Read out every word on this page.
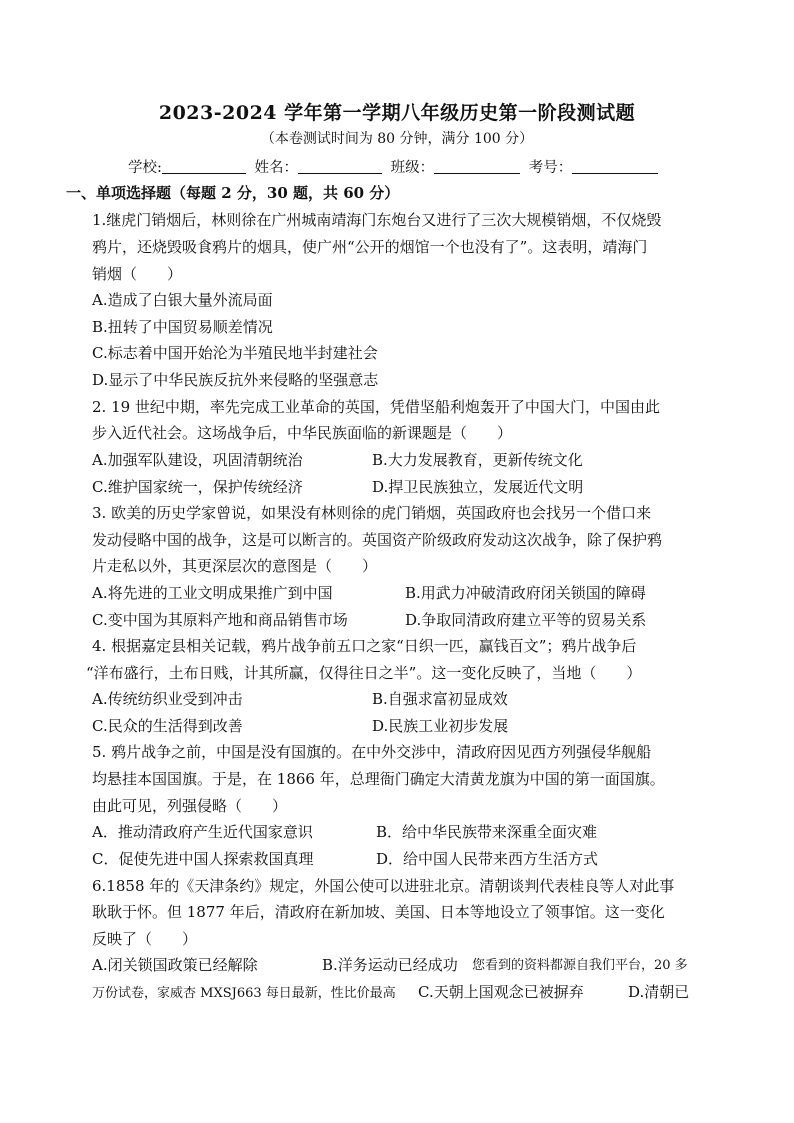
2023-2024 学年第一学期八年级历史第一阶段测试题
（本卷测试时间为 80 分钟，满分 100 分）
学校:	姓名：	班级：	考号：
一、单项选择题（每题 2 分，30 题，共 60 分）
1.继虎门销烟后，林则徐在广州城南靖海门东炮台又进行了三次大规模销烟，不仅烧毁
鸦片，还烧毁吸食鸦片的烟具，使广州“公开的烟馆一个也没有了”。这表明，靖海门
销烟（　　）
A.造成了白银大量外流局面
B.扭转了中国贸易顺差情况
C.标志着中国开始沦为半殖民地半封建社会
D.显示了中华民族反抗外来侵略的坚强意志
2. 19 世纪中期，率先完成工业革命的英国，凭借坚船利炮轰开了中国大门，中国由此
步入近代社会。这场战争后，中华民族面临的新课题是（　　）
A.加强军队建设，巩固清朝统治	B.大力发展教育，更新传统文化
C.维护国家统一，保护传统经济	D.捍卫民族独立，发展近代文明
3. 欧美的历史学家曾说，如果没有林则徐的虎门销烟，英国政府也会找另一个借口来
发动侵略中国的战争，这是可以断言的。英国资产阶级政府发动这次战争，除了保护鸦
片走私以外，其更深层次的意图是（　　）
A.将先进的工业文明成果推广到中国	B.用武力冲破清政府闭关锁国的障碍
C.变中国为其原料产地和商品销售市场	D.争取同清政府建立平等的贸易关系
4. 根据嘉定县相关记载，鸦片战争前五口之家“日织一匹，赢钱百文”；鸦片战争后
“洋布盛行，土布日贱，计其所赢，仅得往日之半”。这一变化反映了，当地（　　）
A.传统纺织业受到冲击	B.自强求富初显成效
C.民众的生活得到改善	D.民族工业初步发展
5. 鸦片战争之前，中国是没有国旗的。在中外交涉中，清政府因见西方列强侵华舰船
均悬挂本国国旗。于是，在 1866 年，总理衙门确定大清黄龙旗为中国的第一面国旗。
由此可见，列强侵略（　　）
A．推动清政府产生近代国家意识	B．给中华民族带来深重全面灾难
C．促使先进中国人探索救国真理	D．给中国人民带来西方生活方式
6.1858 年的《天津条约》规定，外国公使可以进驻北京。清朝谈判代表桂良等人对此事
耿耿于怀。但 1877 年后，清政府在新加坡、美国、日本等地设立了领事馆。这一变化
反映了（　　）
A.闭关锁国政策已经解除	B.洋务运动已经成功 您看到的资料都源自我们平台，20 多
万份试卷，家威杏 MXSJ663 每日最新，性比价最高 C.天朝上国观念已被摒弃	D.清朝已
